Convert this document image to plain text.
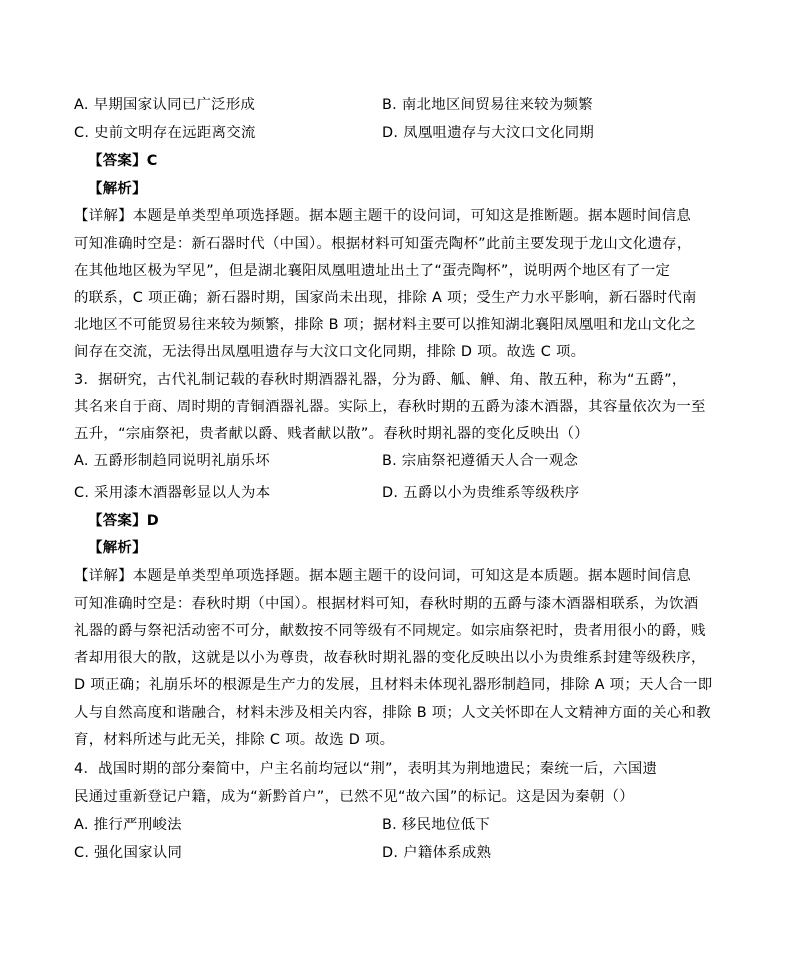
A. 早期国家认同已广泛形成	B. 南北地区间贸易往来较为频繁
C. 史前文明存在远距离交流	D. 凤凰咀遗存与大汶口文化同期
【答案】C
【解析】
【详解】本题是单类型单项选择题。据本题主题干的设问词，可知这是推断题。据本题时间信息
可知准确时空是：新石器时代（中国）。根据材料可知蛋壳陶杯”此前主要发现于龙山文化遗存，
在其他地区极为罕见”，但是湖北襄阳凤凰咀遗址出土了“蛋壳陶杯”，说明两个地区有了一定
的联系，C 项正确；新石器时期，国家尚未出现，排除 A 项；受生产力水平影响，新石器时代南
北地区不可能贸易往来较为频繁，排除 B 项；据材料主要可以推知湖北襄阳凤凰咀和龙山文化之
间存在交流，无法得出凤凰咀遗存与大汶口文化同期，排除 D 项。故选 C 项。
3．据研究，古代礼制记载的春秋时期酒器礼器，分为爵、觚、觯、角、散五种，称为“五爵”，
其名来自于商、周时期的青铜酒器礼器。实际上，春秋时期的五爵为漆木酒器，其容量依次为一至
五升，“宗庙祭祀，贵者献以爵、贱者献以散”。春秋时期礼器的变化反映出（）
A. 五爵形制趋同说明礼崩乐坏	B. 宗庙祭祀遵循天人合一观念
C. 采用漆木酒器彰显以人为本	D. 五爵以小为贵维系等级秩序
【答案】D
【解析】
【详解】本题是单类型单项选择题。据本题主题干的设问词，可知这是本质题。据本题时间信息
可知准确时空是：春秋时期（中国）。根据材料可知，春秋时期的五爵与漆木酒器相联系，为饮酒
礼器的爵与祭祀活动密不可分，献数按不同等级有不同规定。如宗庙祭祀时，贵者用很小的爵，贱
者却用很大的散，这就是以小为尊贵，故春秋时期礼器的变化反映出以小为贵维系封建等级秩序，
D 项正确；礼崩乐坏的根源是生产力的发展，且材料未体现礼器形制趋同，排除 A 项；天人合一即
人与自然高度和谐融合，材料未涉及相关内容，排除 B 项；人文关怀即在人文精神方面的关心和教
育，材料所述与此无关，排除 C 项。故选 D 项。
4．战国时期的部分秦简中，户主名前均冠以“荆”，表明其为荆地遗民；秦统一后，六国遗
民通过重新登记户籍，成为“新黔首户”，已然不见“故六国”的标记。这是因为秦朝（）
A. 推行严刑峻法	B. 移民地位低下
C. 强化国家认同	D. 户籍体系成熟
